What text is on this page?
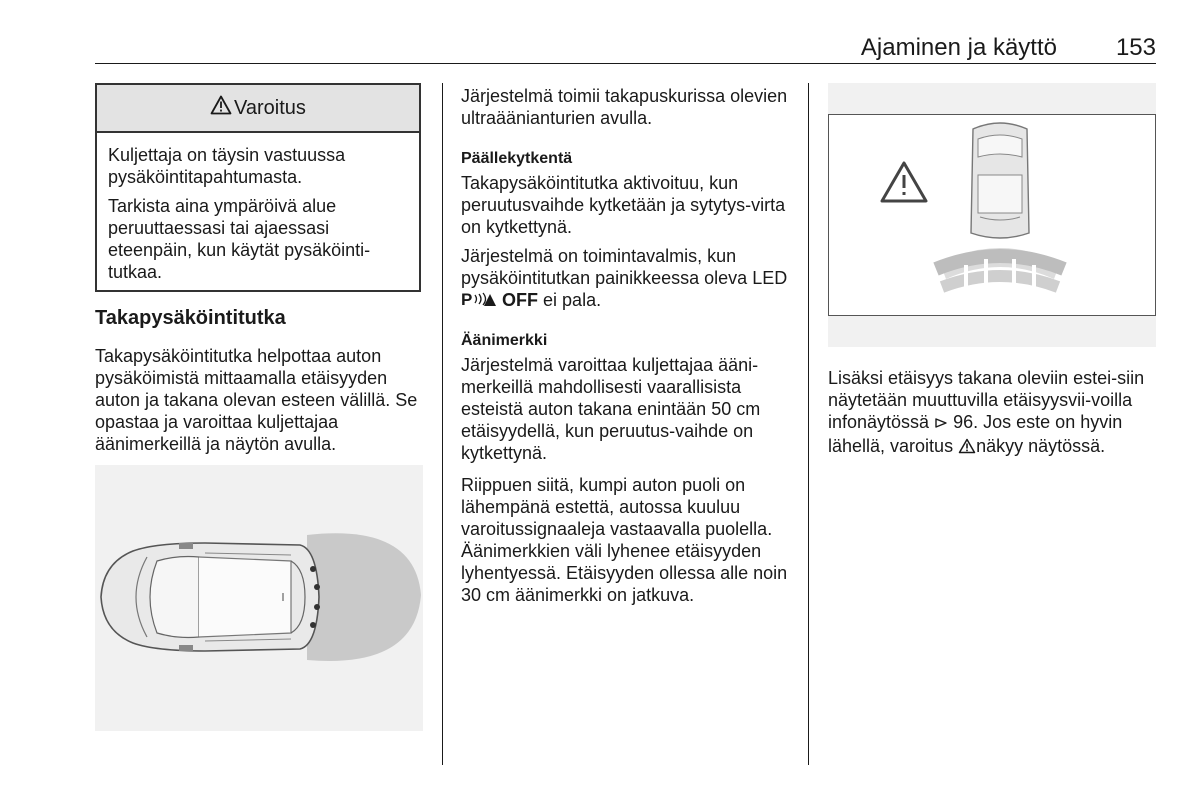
Ajaminen ja käyttö 153
Varoitus

Kuljettaja on täysin vastuussa pysäköintitapahtumasta.

Tarkista aina ympäröivä alue peruuttaessasi tai ajaessasi eteenpäin, kun käytät pysäköinti-tutkaa.

Takapysäköintitutka

Takapysäköintitutka helpottaa auton pysäköimistä mittaamalla etäisyyden auton ja takana olevan esteen välillä. Se opastaa ja varoittaa kuljettajaa äänimerkeillä ja näytön avulla.

Järjestelmä toimii takapuskurissa olevien ultraäänianturien avulla.

Päällekytkentä

Takapysäköintitutka aktivoituu, kun peruutusvaihde kytketään ja sytytys-virta on kytkettynä.

Järjestelmä on toimintavalmis, kun pysäköintitutkan painikkeessa oleva LED
P OFF ei pala.

Äänimerkki

Järjestelmä varoittaa kuljettajaa ääni-merkeillä mahdollisesti vaarallisista esteistä auton takana enintään 50 cm etäisyydellä, kun peruutus-vaihde on kytkettynä.

Riippuen siitä, kumpi auton puoli on lähempänä estettä, autossa kuuluu varoitussignaaleja vastaavalla puolella. Äänimerkkien väli lyhenee etäisyyden lyhentyessä. Etäisyyden ollessa alle noin 30 cm äänimerkki on jatkuva.

Lisäksi etäisyys takana oleviin estei-siin näytetään muuttuvilla etäisyysvii-voilla infonäytössä 96. Jos este on hyvin lähellä, varoitus näkyy näytössä.
